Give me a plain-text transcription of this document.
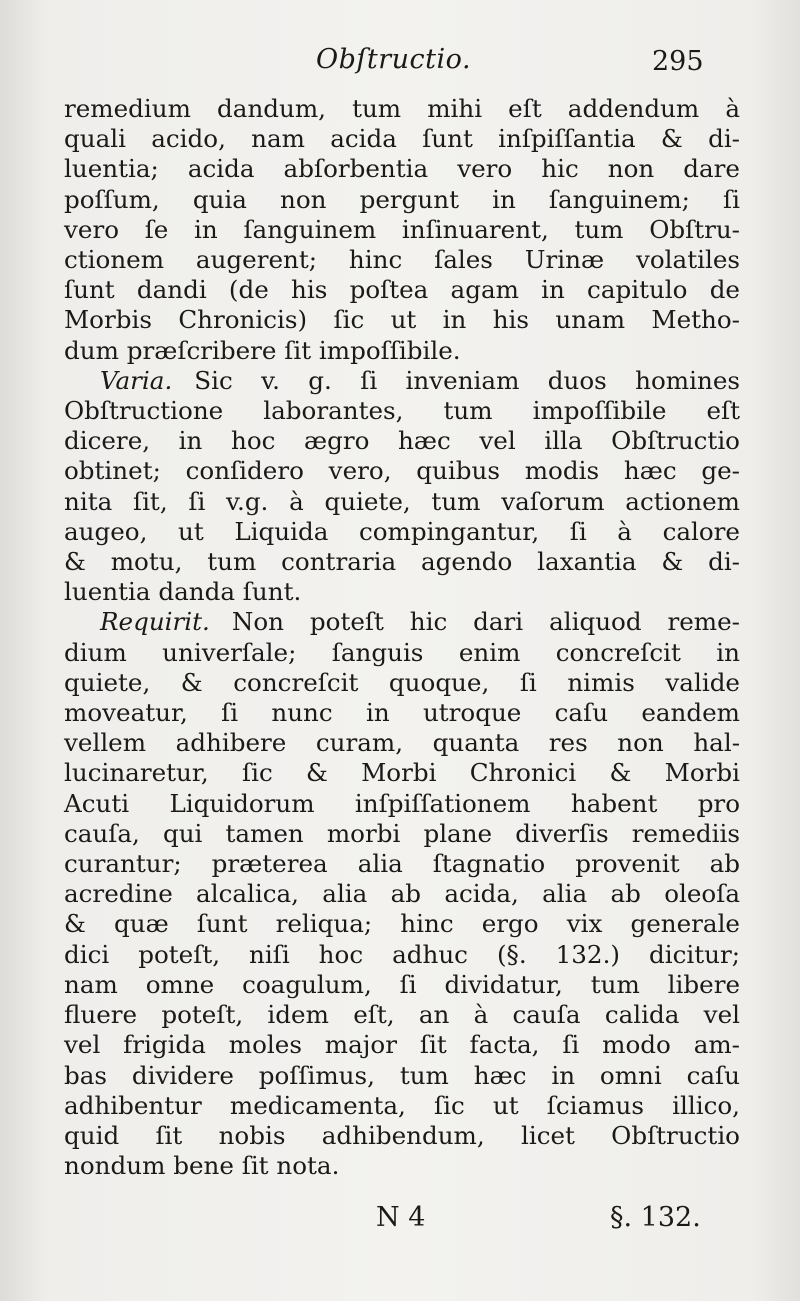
Obſtructio.	295
remedium dandum, tum mihi eſt addendum à
quali acido, nam acida ſunt inſpiſſantia & di-
luentia; acida abſorbentia vero hic non dare
poſſum, quia non pergunt in ſanguinem; ſi
vero ſe in ſanguinem inſinuarent, tum Obſtru-
ctionem augerent; hinc ſales Urinæ volatiles
ſunt dandi (de his poſtea agam in capitulo de
Morbis Chronicis) ſic ut in his unam Metho-
dum præſcribere ſit impoſſibile.
Varia. Sic v. g. ſi inveniam duos homines
Obſtructione laborantes, tum impoſſibile eſt
dicere, in hoc ægro hæc vel illa Obſtructio
obtinet; conſidero vero, quibus modis hæc ge-
nita ſit, ſi v.g. à quiete, tum vaſorum actionem
augeo, ut Liquida compingantur, ſi à calore
& motu, tum contraria agendo laxantia & di-
luentia danda ſunt.
Requirit. Non poteſt hic dari aliquod reme-
dium univerſale; ſanguis enim concreſcit in
quiete, & concreſcit quoque, ſi nimis valide
moveatur, ſi nunc in utroque caſu eandem
vellem adhibere curam, quanta res non hal-
lucinaretur, ſic & Morbi Chronici & Morbi
Acuti Liquidorum inſpiſſationem habent pro
cauſa, qui tamen morbi plane diverſis remediis
curantur; præterea alia ſtagnatio provenit ab
acredine alcalica, alia ab acida, alia ab oleoſa
& quæ ſunt reliqua; hinc ergo vix generale
dici poteſt, niſi hoc adhuc (§. 132.) dicitur;
nam omne coagulum, ſi dividatur, tum libere
fluere poteſt, idem eſt, an à cauſa calida vel
vel frigida moles major ſit facta, ſi modo am-
bas dividere poſſimus, tum hæc in omni caſu
adhibentur medicamenta, ſic ut ſciamus illico,
quid ſit nobis adhibendum, licet Obſtructio
nondum bene ſit nota.
N 4	§. 132.
